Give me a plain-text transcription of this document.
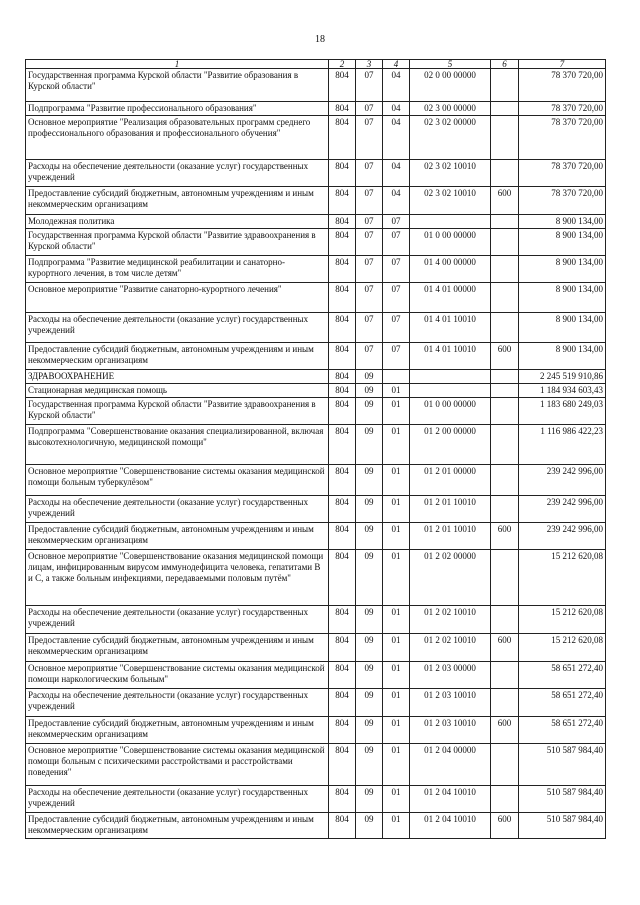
18
1	2	3	4	5	6	7
Государственная программа Курской области "Развитие образования в Курской области"	804	07	04	02 0 00 00000		78 370 720,00
Подпрограмма "Развитие профессионального образования"	804	07	04	02 3 00 00000		78 370 720,00
Основное мероприятие "Реализация образовательных программ среднего профессионального образования и профессионального обучения"	804	07	04	02 3 02 00000		78 370 720,00
Расходы на обеспечение деятельности (оказание услуг) государственных учреждений	804	07	04	02 3 02 10010		78 370 720,00
Предоставление субсидий бюджетным, автономным учреждениям и иным некоммерческим организациям	804	07	04	02 3 02 10010	600	78 370 720,00
Молодежная политика	804	07	07			8 900 134,00
Государственная программа Курской области "Развитие здравоохранения в Курской области"	804	07	07	01 0 00 00000		8 900 134,00
Подпрограмма "Развитие медицинской реабилитации и санаторно-курортного лечения, в том числе детям"	804	07	07	01 4 00 00000		8 900 134,00
Основное мероприятие "Развитие санаторно-курортного лечения"	804	07	07	01 4 01 00000		8 900 134,00
Расходы на обеспечение деятельности (оказание услуг) государственных учреждений	804	07	07	01 4 01 10010		8 900 134,00
Предоставление субсидий бюджетным, автономным учреждениям и иным некоммерческим организациям	804	07	07	01 4 01 10010	600	8 900 134,00
ЗДРАВООХРАНЕНИЕ	804	09				2 245 519 910,86
Стационарная медицинская помощь	804	09	01			1 184 934 603,43
Государственная программа Курской области "Развитие здравоохранения в Курской области"	804	09	01	01 0 00 00000		1 183 680 249,03
Подпрограмма "Совершенствование оказания специализированной, включая высокотехнологичную, медицинской помощи"	804	09	01	01 2 00 00000		1 116 986 422,23
Основное мероприятие "Совершенствование системы оказания медицинской помощи больным туберкулёзом"	804	09	01	01 2 01 00000		239 242 996,00
Расходы на обеспечение деятельности (оказание услуг) государственных учреждений	804	09	01	01 2 01 10010		239 242 996,00
Предоставление субсидий бюджетным, автономным учреждениям и иным некоммерческим организациям	804	09	01	01 2 01 10010	600	239 242 996,00
Основное мероприятие "Совершенствование оказания медицинской помощи лицам, инфицированным вирусом иммунодефицита человека, гепатитами В и С, а также больным инфекциями, передаваемыми половым путём"	804	09	01	01 2 02 00000		15 212 620,08
Расходы на обеспечение деятельности (оказание услуг) государственных учреждений	804	09	01	01 2 02 10010		15 212 620,08
Предоставление субсидий бюджетным, автономным учреждениям и иным некоммерческим организациям	804	09	01	01 2 02 10010	600	15 212 620,08
Основное мероприятие "Совершенствование системы оказания медицинской помощи наркологическим больным"	804	09	01	01 2 03 00000		58 651 272,40
Расходы на обеспечение деятельности (оказание услуг) государственных учреждений	804	09	01	01 2 03 10010		58 651 272,40
Предоставление субсидий бюджетным, автономным учреждениям и иным некоммерческим организациям	804	09	01	01 2 03 10010	600	58 651 272,40
Основное мероприятие "Совершенствование системы оказания медицинской помощи больным с психическими расстройствами и расстройствами поведения"	804	09	01	01 2 04 00000		510 587 984,40
Расходы на обеспечение деятельности (оказание услуг) государственных учреждений	804	09	01	01 2 04 10010		510 587 984,40
Предоставление субсидий бюджетным, автономным учреждениям и иным некоммерческим организациям	804	09	01	01 2 04 10010	600	510 587 984,40
